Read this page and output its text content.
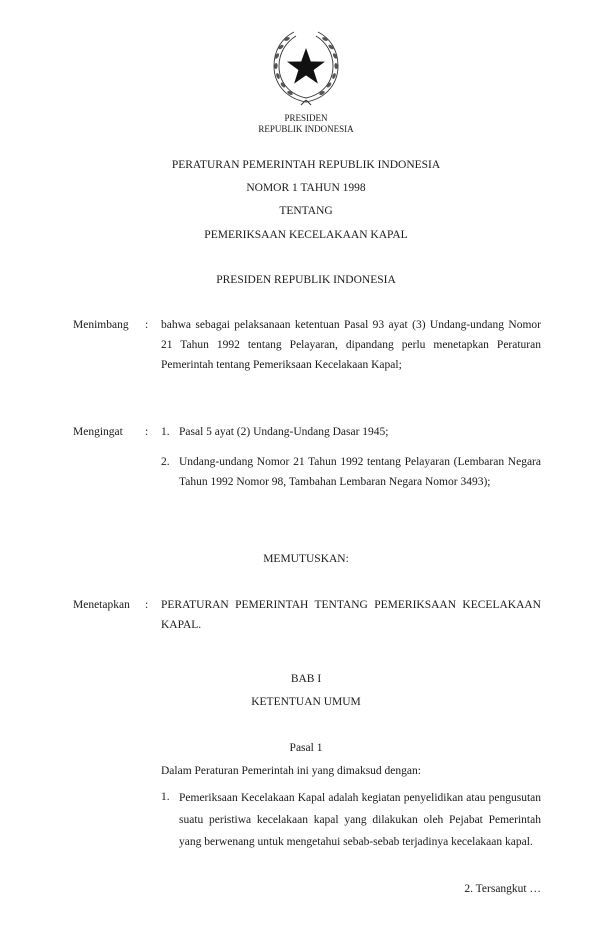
PRESIDEN
REPUBLIK INDONESIA
PERATURAN PEMERINTAH REPUBLIK INDONESIA
NOMOR 1 TAHUN 1998
TENTANG
PEMERIKSAAN KECELAKAAN KAPAL
PRESIDEN REPUBLIK INDONESIA
Menimbang : bahwa sebagai pelaksanaan ketentuan Pasal 93 ayat (3) Undang-undang Nomor 21 Tahun 1992 tentang Pelayaran, dipandang perlu menetapkan Peraturan Pemerintah tentang Pemeriksaan Kecelakaan Kapal;
Mengingat : 1. Pasal 5 ayat (2) Undang-Undang Dasar 1945;
2. Undang-undang Nomor 21 Tahun 1992 tentang Pelayaran (Lembaran Negara Tahun 1992 Nomor 98, Tambahan Lembaran Negara Nomor 3493);
MEMUTUSKAN:
Menetapkan : PERATURAN PEMERINTAH TENTANG PEMERIKSAAN KECELAKAAN KAPAL.
BAB I
KETENTUAN UMUM
Pasal 1
Dalam Peraturan Pemerintah ini yang dimaksud dengan:
1. Pemeriksaan Kecelakaan Kapal adalah kegiatan penyelidikan atau pengusutan suatu peristiwa kecelakaan kapal yang dilakukan oleh Pejabat Pemerintah yang berwenang untuk mengetahui sebab-sebab terjadinya kecelakaan kapal.
2. Tersangkut …
